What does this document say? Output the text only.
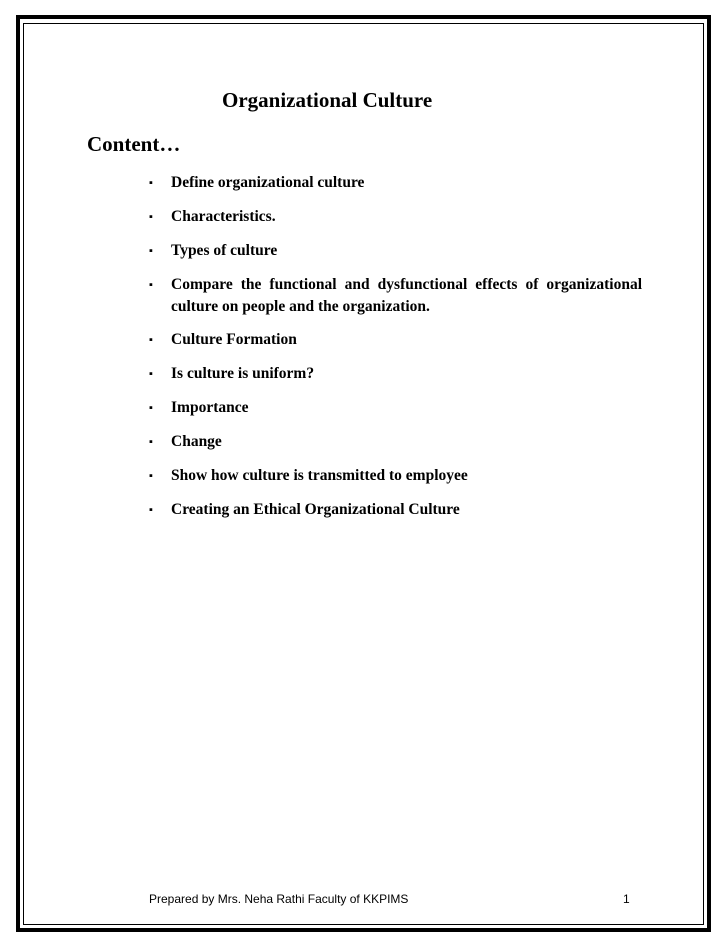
Organizational Culture
Content…
▪ Define organizational culture
▪ Characteristics.
▪ Types of culture
▪ Compare the functional and dysfunctional effects of organizational culture on people and the organization.
▪ Culture Formation
▪ Is culture is uniform?
▪ Importance
▪ Change
▪ Show how culture is transmitted to employee
▪ Creating an Ethical Organizational Culture
Prepared by Mrs. Neha Rathi Faculty of KKPIMS	1
